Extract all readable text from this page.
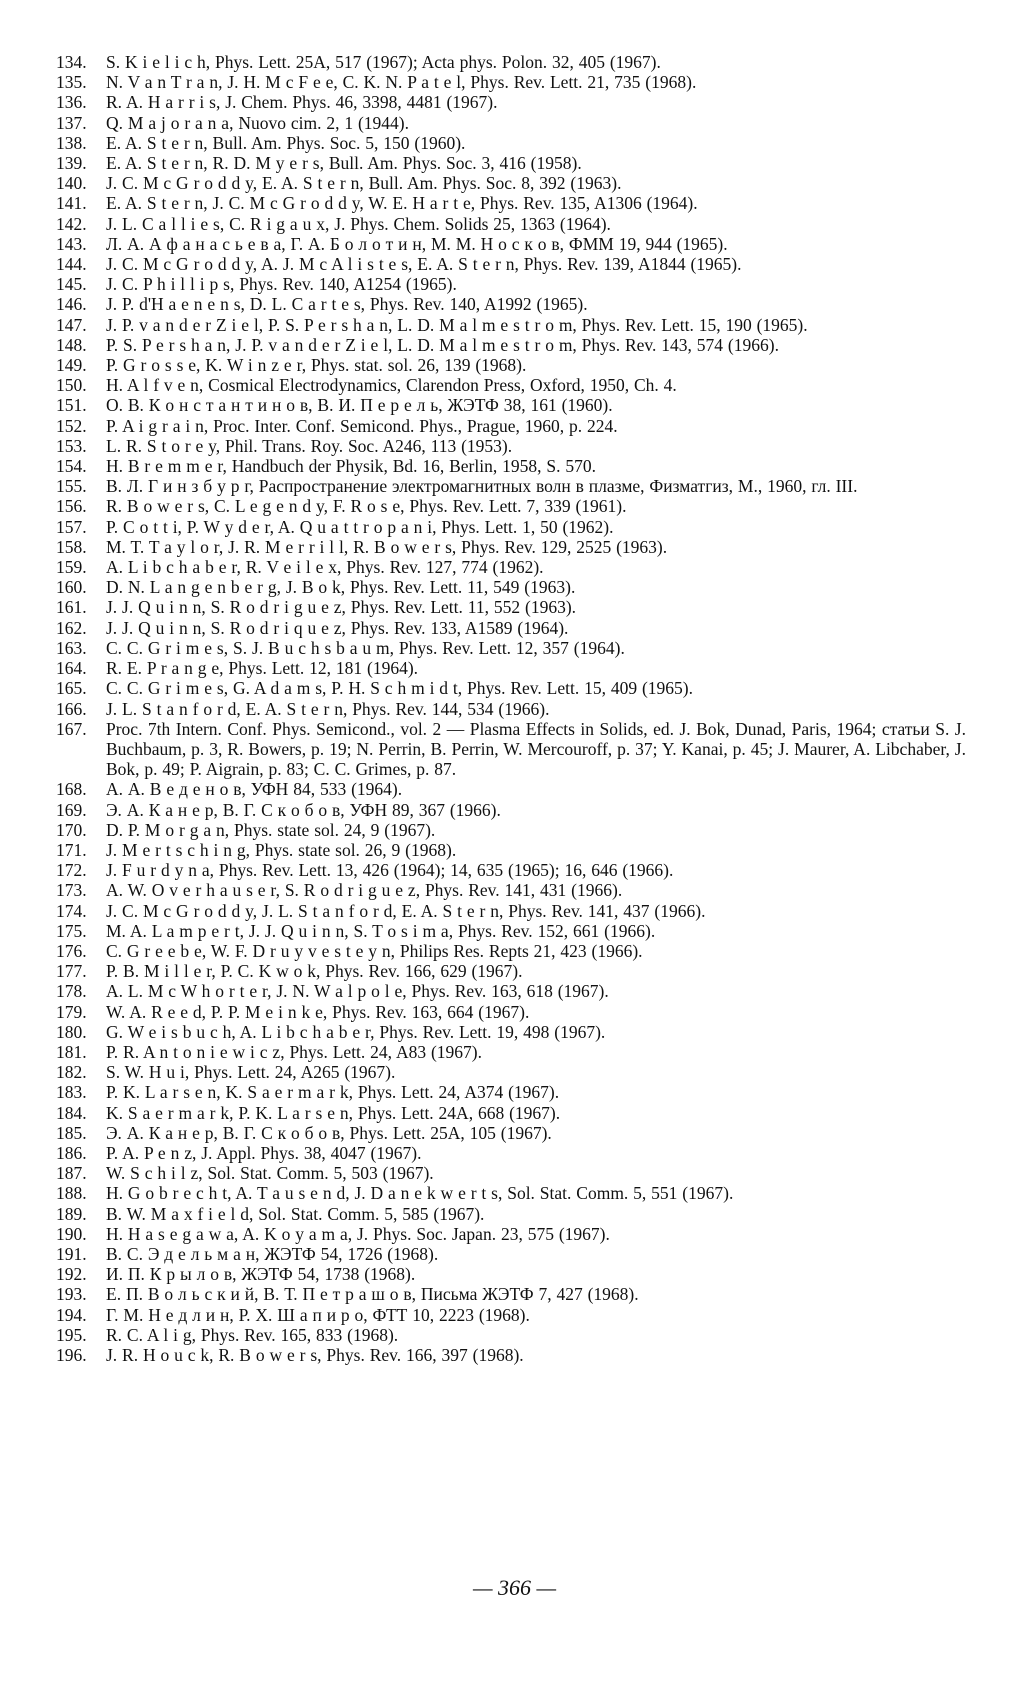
134.	S. K i e l i c h, Phys. Lett. 25A, 517 (1967); Acta phys. Polon. 32, 405 (1967).
135.	N. V a n T r a n, J. H. M c F e e, C. K. N. P a t e l, Phys. Rev. Lett. 21, 735 (1968).
136.	R. A. H a r r i s, J. Chem. Phys. 46, 3398, 4481 (1967).
137.	Q. M a j o r a n a, Nuovo cim. 2, 1 (1944).
138.	E. A. S t e r n, Bull. Am. Phys. Soc. 5, 150 (1960).
139.	E. A. S t e r n, R. D. M y e r s, Bull. Am. Phys. Soc. 3, 416 (1958).
140.	J. C. M c G r o d d y, E. A. S t e r n, Bull. Am. Phys. Soc. 8, 392 (1963).
141.	E. A. S t e r n, J. C. M c G r o d d y, W. E. H a r t e, Phys. Rev. 135, A1306 (1964).
142.	J. L. C a l l i e s, C. R i g a u x, J. Phys. Chem. Solids 25, 1363 (1964).
143.	Л. А. А ф а н а с ь е в а, Г. А. Б о л о т и н, М. М. Н о с к о в, ФММ 19, 944 (1965).
144.	J. C. M c G r o d d y, A. J. M c A l i s t e s, E. A. S t e r n, Phys. Rev. 139, A1844 (1965).
145.	J. C. P h i l l i p s, Phys. Rev. 140, A1254 (1965).
146.	J. P. d'H a e n e n s, D. L. C a r t e s, Phys. Rev. 140, A1992 (1965).
147.	J. P. v a n d e r Z i e l, P. S. P e r s h a n, L. D. M a l m e s t r o m, Phys. Rev. Lett. 15, 190 (1965).
148.	P. S. P e r s h a n, J. P. v a n d e r Z i e l, L. D. M a l m e s t r o m, Phys. Rev. 143, 574 (1966).
149.	P. G r o s s e, K. W i n z e r, Phys. stat. sol. 26, 139 (1968).
150.	H. A l f v e n, Cosmical Electrodynamics, Clarendon Press, Oxford, 1950, Ch. 4.
151.	О. В. К о н с т а н т и н о в, В. И. П е р е л ь, ЖЭТФ 38, 161 (1960).
152.	P. A i g r a i n, Proc. Inter. Conf. Semicond. Phys., Prague, 1960, p. 224.
153.	L. R. S t o r e y, Phil. Trans. Roy. Soc. A246, 113 (1953).
154.	H. B r e m m e r, Handbuch der Physik, Bd. 16, Berlin, 1958, S. 570.
155.	В. Л. Г и н з б у р г, Распространение электромагнитных волн в плазме, Физматгиз, М., 1960, гл. III.
156.	R. B o w e r s, C. L e g e n d y, F. R o s e, Phys. Rev. Lett. 7, 339 (1961).
157.	P. C o t t i, P. W y d e r, A. Q u a t t r o p a n i, Phys. Lett. 1, 50 (1962).
158.	M. T. T a y l o r, J. R. M e r r i l l, R. B o w e r s, Phys. Rev. 129, 2525 (1963).
159.	A. L i b c h a b e r, R. V e i l e x, Phys. Rev. 127, 774 (1962).
160.	D. N. L a n g e n b e r g, J. B o k, Phys. Rev. Lett. 11, 549 (1963).
161.	J. J. Q u i n n, S. R o d r i g u e z, Phys. Rev. Lett. 11, 552 (1963).
162.	J. J. Q u i n n, S. R o d r i q u e z, Phys. Rev. 133, A1589 (1964).
163.	C. C. G r i m e s, S. J. B u c h s b a u m, Phys. Rev. Lett. 12, 357 (1964).
164.	R. E. P r a n g e, Phys. Lett. 12, 181 (1964).
165.	C. C. G r i m e s, G. A d a m s, P. H. S c h m i d t, Phys. Rev. Lett. 15, 409 (1965).
166.	J. L. S t a n f o r d, E. A. S t e r n, Phys. Rev. 144, 534 (1966).
167.	Proc. 7th Intern. Conf. Phys. Semicond., vol. 2 — Plasma Effects in Solids, ed. J. Bok, Dunad, Paris, 1964; статьи S. J. Buchbaum, p. 3, R. Bowers, p. 19; N. Perrin, B. Perrin, W. Mercouroff, p. 37; Y. Kanai, p. 45; J. Maurer, A. Libchaber, J. Bok, p. 49; P. Aigrain, p. 83; C. C. Grimes, p. 87.
168.	А. А. В е д е н о в, УФН 84, 533 (1964).
169.	Э. А. К а н е р, В. Г. С к о б о в, УФН 89, 367 (1966).
170.	D. P. M o r g a n, Phys. state sol. 24, 9 (1967).
171.	J. M e r t s c h i n g, Phys. state sol. 26, 9 (1968).
172.	J. F u r d y n a, Phys. Rev. Lett. 13, 426 (1964); 14, 635 (1965); 16, 646 (1966).
173.	A. W. O v e r h a u s e r, S. R o d r i g u e z, Phys. Rev. 141, 431 (1966).
174.	J. C. M c G r o d d y, J. L. S t a n f o r d, E. A. S t e r n, Phys. Rev. 141, 437 (1966).
175.	M. A. L a m p e r t, J. J. Q u i n n, S. T o s i m a, Phys. Rev. 152, 661 (1966).
176.	C. G r e e b e, W. F. D r u y v e s t e y n, Philips Res. Repts 21, 423 (1966).
177.	P. B. M i l l e r, P. C. K w o k, Phys. Rev. 166, 629 (1967).
178.	A. L. M c W h o r t e r, J. N. W a l p o l e, Phys. Rev. 163, 618 (1967).
179.	W. A. R e e d, P. P. M e i n k e, Phys. Rev. 163, 664 (1967).
180.	G. W e i s b u c h, A. L i b c h a b e r, Phys. Rev. Lett. 19, 498 (1967).
181.	P. R. A n t o n i e w i c z, Phys. Lett. 24, A83 (1967).
182.	S. W. H u i, Phys. Lett. 24, A265 (1967).
183.	P. K. L a r s e n, K. S a e r m a r k, Phys. Lett. 24, A374 (1967).
184.	K. S a e r m a r k, P. K. L a r s e n, Phys. Lett. 24A, 668 (1967).
185.	Э. А. К а н е р, В. Г. С к о б о в, Phys. Lett. 25A, 105 (1967).
186.	P. A. P e n z, J. Appl. Phys. 38, 4047 (1967).
187.	W. S c h i l z, Sol. Stat. Comm. 5, 503 (1967).
188.	H. G o b r e c h t, A. T a u s e n d, J. D a n e k w e r t s, Sol. Stat. Comm. 5, 551 (1967).
189.	B. W. M a x f i e l d, Sol. Stat. Comm. 5, 585 (1967).
190.	H. H a s e g a w a, A. K o y a m a, J. Phys. Soc. Japan. 23, 575 (1967).
191.	В. С. Э д е л ь м а н, ЖЭТФ 54, 1726 (1968).
192.	И. П. К р ы л о в, ЖЭТФ 54, 1738 (1968).
193.	Е. П. В о л ь с к и й, В. Т. П е т р а ш о в, Письма ЖЭТФ 7, 427 (1968).
194.	Г. М. Н е д л и н, Р. Х. Ш а п и р о, ФТТ 10, 2223 (1968).
195.	R. C. A l i g, Phys. Rev. 165, 833 (1968).
196.	J. R. H o u c k, R. B o w e r s, Phys. Rev. 166, 397 (1968).
— 366 —
